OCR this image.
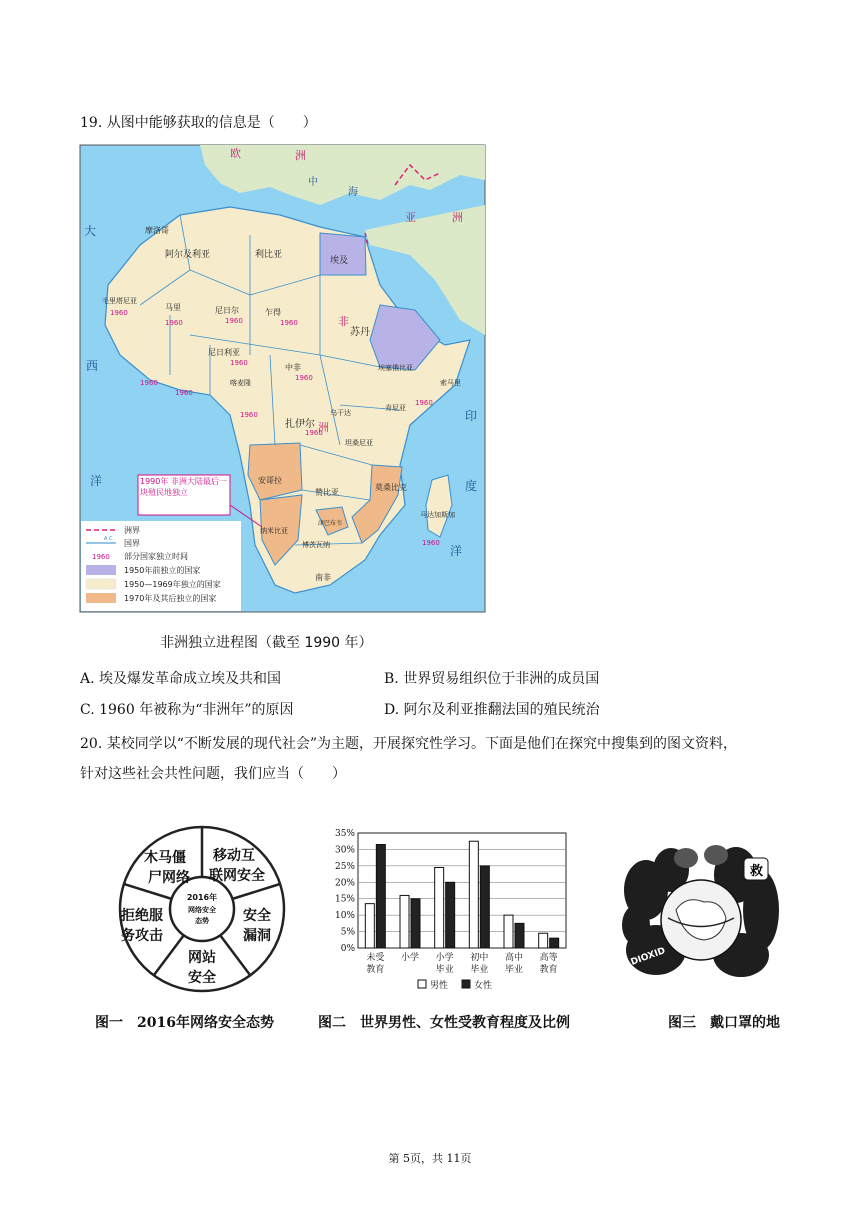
19. 从图中能够获取的信息是（　　）
欧	洲
亚	洲
大
西
洋
印
度
洋
中
海
非
洲
摩洛哥
阿尔及利亚	利比亚
埃及
毛里塔尼亚
马里	尼日尔	乍得
苏丹
尼日利亚
埃塞俄比亚
索马里
喀麦隆
中非
扎伊尔
乌干达
肯尼亚
坦桑尼亚
安哥拉
赞比亚
纳米比亚
津巴布韦
莫桑比克
博茨瓦纳
南非
马达加斯加
1960
1960	1960	1960
1960
1960
1960
1960
1960
1960
1960
1960
1990年 非洲大陆最后一块殖民地独立
洲界
A C 国界
1960 部分国家独立时间
1950年前独立的国家
1950—1969年独立的国家
1970年及其后独立的国家
非洲独立进程图（截至 1990 年）
A. 埃及爆发革命成立埃及共和国	B. 世界贸易组织位于非洲的成员国
C. 1960 年被称为“非洲年”的原因	D. 阿尔及利亚推翻法国的殖民统治
20. 某校同学以“不断发展的现代社会”为主题，开展探究性学习。下面是他们在探究中搜集到的图文资料，
针对这些社会共性问题，我们应当（　　）
2016年
网络安全
态势
木马僵
尸网络
移动互
联网安全
安全
漏洞
网站
安全
拒绝服
务攻击
0%
5%
10%
15%
20%
25%
30%
35%
未受
教育
小学 小学
毕业
初中
毕业
高中
毕业
高等
教育
男性	女性
救
DIOXID
图一　2016年网络安全态势	图二　世界男性、女性受教育程度及比例	图三　戴口罩的地
第 5页，共 11页
